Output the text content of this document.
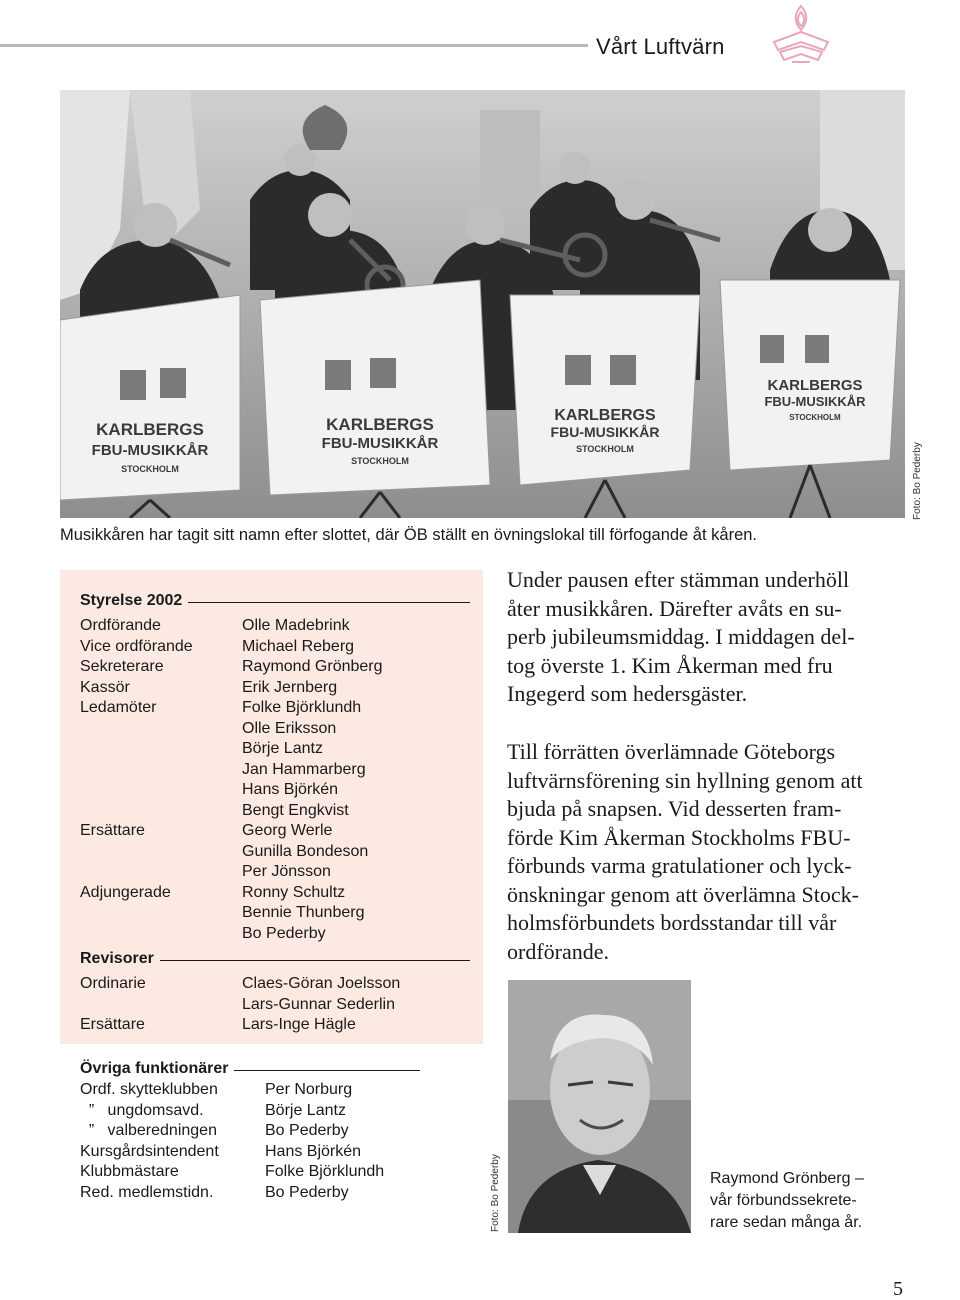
Vårt Luftvärn
KARLBERGS
FBU-MUSIKKÅR
STOCKHOLM
KARLBERGS
FBU-MUSIKKÅR
STOCKHOLM
KARLBERGS
FBU-MUSIKKÅR
STOCKHOLM
KARLBERGS
FBU-MUSIKKÅR
STOCKHOLM
Foto: Bo Pederby
Musikkåren har tagit sitt namn efter slottet, där ÖB ställt en övningslokal till förfogande åt kåren.
Styrelse 2002
Ordförande	Olle Madebrink
Vice ordförande	Michael Reberg
Sekreterare	Raymond Grönberg
Kassör	Erik Jernberg
Ledamöter	Folke Björklundh
Olle Eriksson
Börje Lantz
Jan Hammarberg
Hans Björkén
Bengt Engkvist
Ersättare	Georg Werle
Gunilla Bondeson
Per Jönsson
Adjungerade	Ronny Schultz
Bennie Thunberg
Bo Pederby
Revisorer
Ordinarie	Claes-Göran Joelsson
Lars-Gunnar Sederlin
Ersättare	Lars-Inge Hägle
Övriga funktionärer
Ordf. skytteklubben	Per Norburg
”   ungdomsavd.	Börje Lantz
”   valberedningen	Bo Pederby
Kursgårdsintendent	Hans Björkén
Klubbmästare	Folke Björklundh
Red. medlemstidn.	Bo Pederby
Under pausen efter stämman underhöll
åter musikkåren. Därefter avåts en su-
perb jubileumsmiddag. I middagen del-
tog överste 1. Kim Åkerman med fru
Ingegerd som hedersgäster.
Till förrätten överlämnade Göteborgs
luftvärnsförening sin hyllning genom att
bjuda på snapsen. Vid desserten fram-
förde Kim Åkerman Stockholms FBU-
förbunds varma gratulationer och lyck-
önskningar genom att överlämna Stock-
holmsförbundets bordsstandar till vår
ordförande.
Foto: Bo Pederby	Raymond Grönberg –
vår förbundssekrete-
rare sedan många år.
5
